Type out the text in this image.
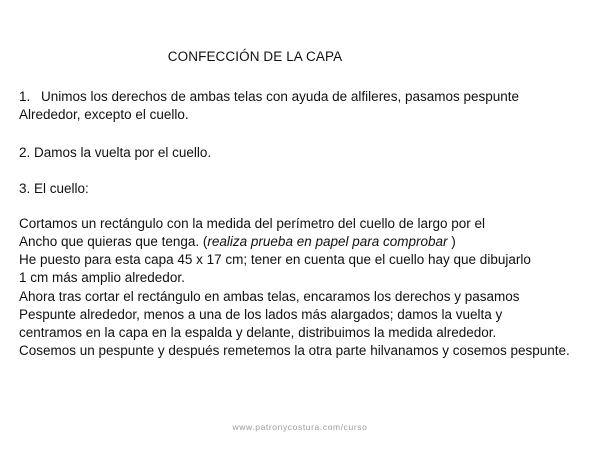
CONFECCIÓN DE LA CAPA
1. Unimos los derechos de ambas telas con ayuda de alfileres, pasamos pespunte
Alrededor, excepto el cuello.
2. Damos la vuelta por el cuello.
3. El cuello:
Cortamos un rectángulo con la medida del perímetro del cuello de largo por el
Ancho que quieras que tenga. (realiza prueba en papel para comprobar )
He puesto para esta capa 45 x 17 cm; tener en cuenta que el cuello hay que dibujarlo
1 cm más amplio alrededor.
Ahora tras cortar el rectángulo en ambas telas, encaramos los derechos y pasamos
Pespunte alrededor, menos a una de los lados más alargados; damos la vuelta y
centramos en la capa en la espalda y delante, distribuimos la medida alrededor.
Cosemos un pespunte y después remetemos la otra parte hilvanamos y cosemos pespunte.
www.patronycostura.com/curso
